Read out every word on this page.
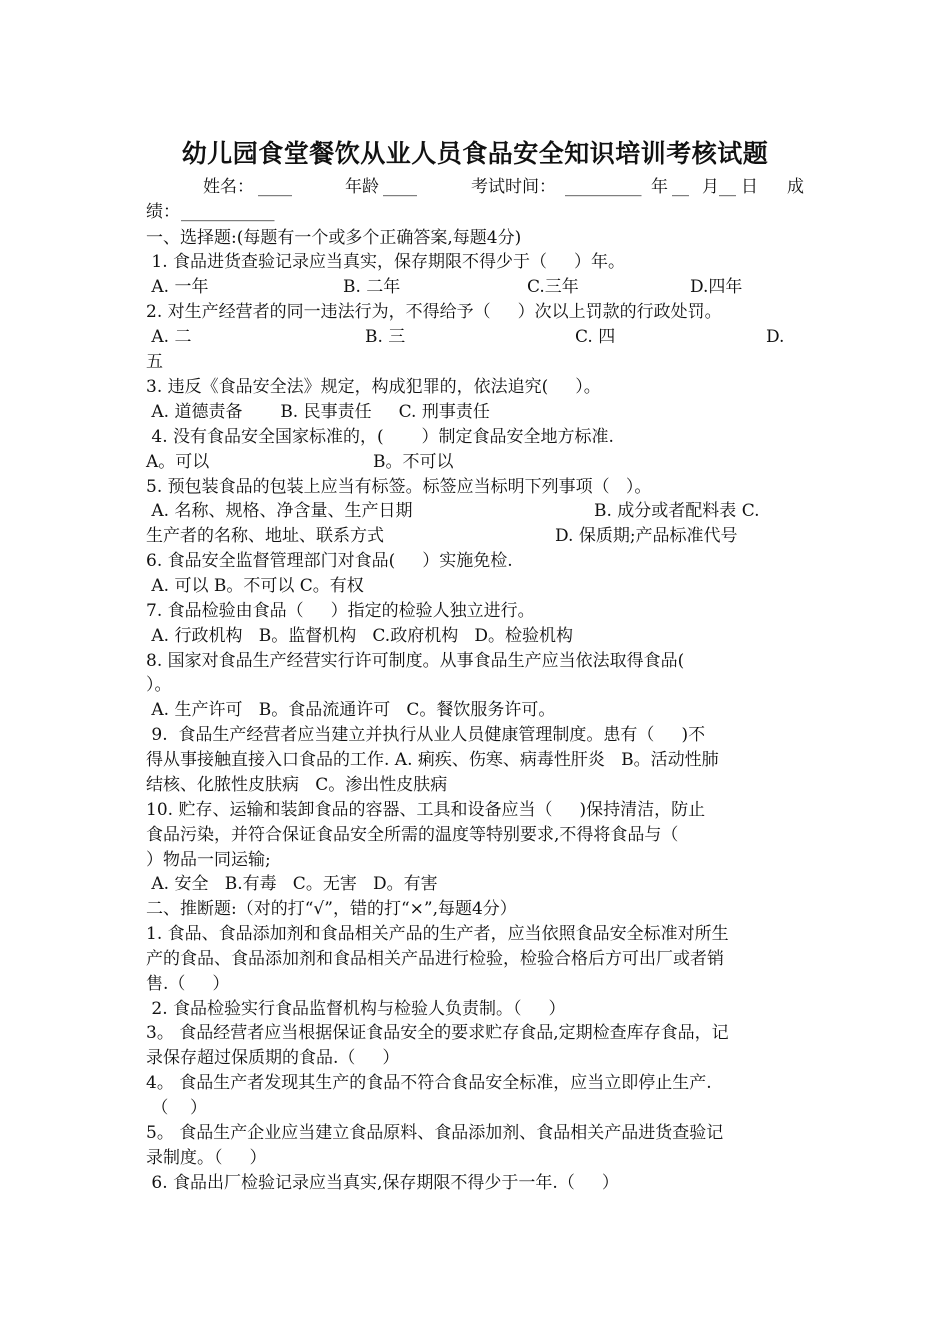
幼儿园食堂餐饮从业人员食品安全知识培训考核试题
姓名： ____	年龄 ____	考试时间： _________ 年 __ 月 __ 日 成
绩： ___________
一、选择题:(每题有一个或多个正确答案,每题4分)
1. 食品进货查验记录应当真实，保存期限不得少于（     ）年。
A. 一年	B. 二年	C.三年	D.四年
2. 对生产经营者的同一违法行为，不得给予（     ）次以上罚款的行政处罚。
A. 二	B. 三	C. 四	D.
五
3. 违反《食品安全法》规定，构成犯罪的，依法追究(     ）。
A. 道德责备       B. 民事责任     C. 刑事责任
4. 没有食品安全国家标准的，(       ）制定食品安全地方标准.
A。可以	B。不可以
5. 预包装食品的包装上应当有标签。标签应当标明下列事项（   ）。
A. 名称、规格、净含量、生产日期	B. 成分或者配料表 C.
生产者的名称、地址、联系方式	D. 保质期;产品标准代号
6. 食品安全监督管理部门对食品(     ）实施免检.
A. 可以 B。不可以 C。有权
7. 食品检验由食品（     ）指定的检验人独立进行。
A. 行政机构   B。监督机构   C.政府机构   D。检验机构
8. 国家对食品生产经营实行许可制度。从事食品生产应当依法取得食品(
）。
A. 生产许可   B。食品流通许可   C。餐饮服务许可。
9.  食品生产经营者应当建立并执行从业人员健康管理制度。患有（     )不
得从事接触直接入口食品的工作. A. 痢疾、伤寒、病毒性肝炎   B。活动性肺
结核、化脓性皮肤病   C。渗出性皮肤病
10. 贮存、运输和装卸食品的容器、工具和设备应当（     )保持清洁，防止
食品污染，并符合保证食品安全所需的温度等特别要求,不得将食品与（
）物品一同运输;
A. 安全   B.有毒   C。无害   D。有害
二、推断题:（对的打“√”，错的打“×”,每题4分）
1. 食品、食品添加剂和食品相关产品的生产者，应当依照食品安全标准对所生
产的食品、食品添加剂和食品相关产品进行检验，检验合格后方可出厂或者销
售.（     ）
2. 食品检验实行食品监督机构与检验人负责制。（     ）
3。 食品经营者应当根据保证食品安全的要求贮存食品,定期检查库存食品，记
录保存超过保质期的食品.（     ）
4。 食品生产者发现其生产的食品不符合食品安全标准，应当立即停止生产.
（    ）
5。 食品生产企业应当建立食品原料、食品添加剂、食品相关产品进货查验记
录制度。（     ）
6. 食品出厂检验记录应当真实,保存期限不得少于一年.（     ）
